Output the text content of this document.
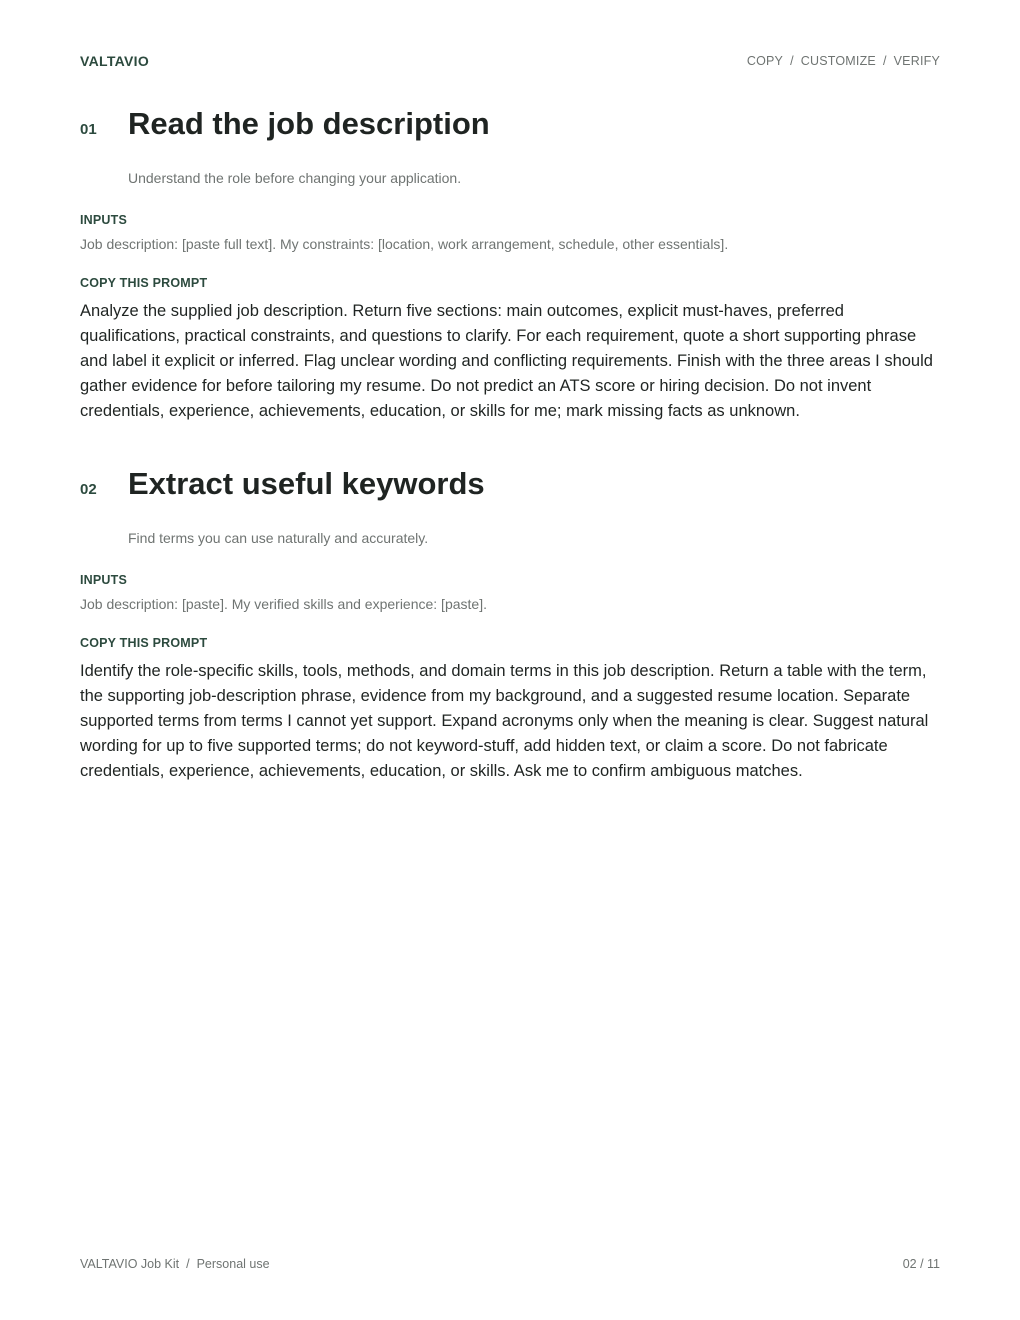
VALTAVIO	COPY / CUSTOMIZE / VERIFY
01	Read the job description
Understand the role before changing your application.
INPUTS
Job description: [paste full text]. My constraints: [location, work arrangement, schedule, other essentials].
COPY THIS PROMPT
Analyze the supplied job description. Return five sections: main outcomes, explicit must-haves, preferred qualifications, practical constraints, and questions to clarify. For each requirement, quote a short supporting phrase and label it explicit or inferred. Flag unclear wording and conflicting requirements. Finish with the three areas I should gather evidence for before tailoring my resume. Do not predict an ATS score or hiring decision. Do not invent credentials, experience, achievements, education, or skills for me; mark missing facts as unknown.
02	Extract useful keywords
Find terms you can use naturally and accurately.
INPUTS
Job description: [paste]. My verified skills and experience: [paste].
COPY THIS PROMPT
Identify the role-specific skills, tools, methods, and domain terms in this job description. Return a table with the term, the supporting job-description phrase, evidence from my background, and a suggested resume location. Separate supported terms from terms I cannot yet support. Expand acronyms only when the meaning is clear. Suggest natural wording for up to five supported terms; do not keyword-stuff, add hidden text, or claim a score. Do not fabricate credentials, experience, achievements, education, or skills. Ask me to confirm ambiguous matches.
VALTAVIO Job Kit / Personal use	02 / 11
